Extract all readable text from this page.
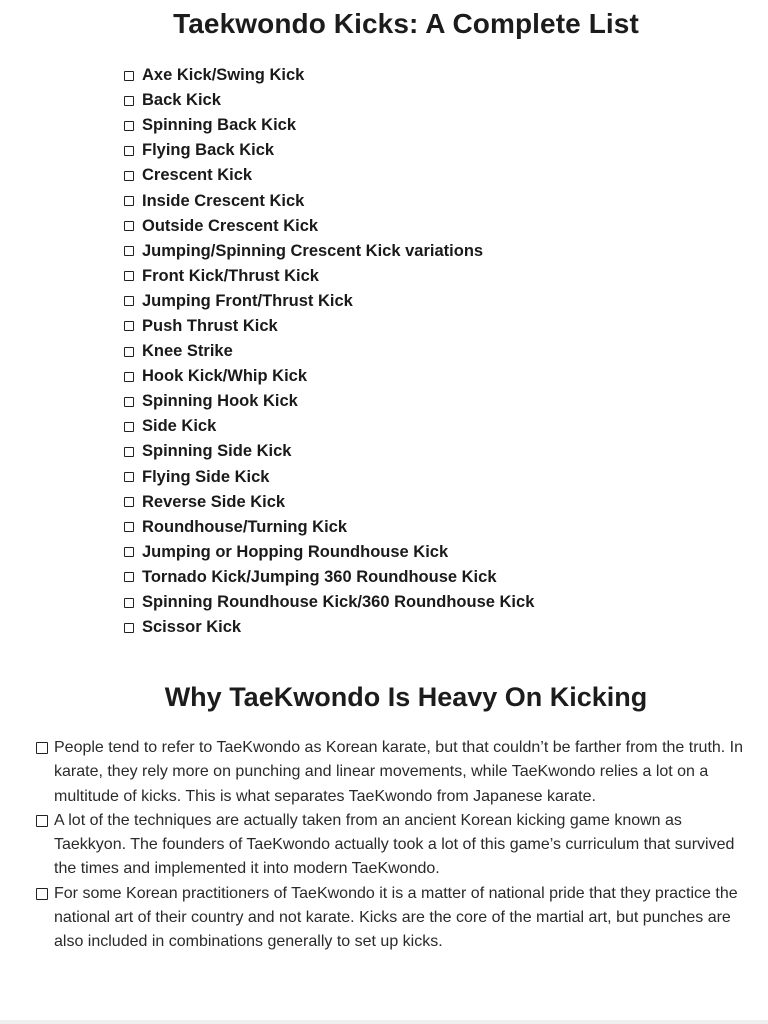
Taekwondo Kicks: A Complete List
Axe Kick/Swing Kick
Back Kick
Spinning Back Kick
Flying Back Kick
Crescent Kick
Inside Crescent Kick
Outside Crescent Kick
Jumping/Spinning Crescent Kick variations
Front Kick/Thrust Kick
Jumping Front/Thrust Kick
Push Thrust Kick
Knee Strike
Hook Kick/Whip Kick
Spinning Hook Kick
Side Kick
Spinning Side Kick
Flying Side Kick
Reverse Side Kick
Roundhouse/Turning Kick
Jumping or Hopping Roundhouse Kick
Tornado Kick/Jumping 360 Roundhouse Kick
Spinning Roundhouse Kick/360 Roundhouse Kick
Scissor Kick
Why TaeKwondo Is Heavy On Kicking
People tend to refer to TaeKwondo as Korean karate, but that couldn’t be farther from the truth. In karate, they rely more on punching and linear movements, while TaeKwondo relies a lot on a multitude of kicks. This is what separates TaeKwondo from Japanese karate.
A lot of the techniques are actually taken from an ancient Korean kicking game known as Taekkyon. The founders of TaeKwondo actually took a lot of this game’s curriculum that survived the times and implemented it into modern TaeKwondo.
For some Korean practitioners of TaeKwondo it is a matter of national pride that they practice the national art of their country and not karate. Kicks are the core of the martial art, but punches are also included in combinations generally to set up kicks.
